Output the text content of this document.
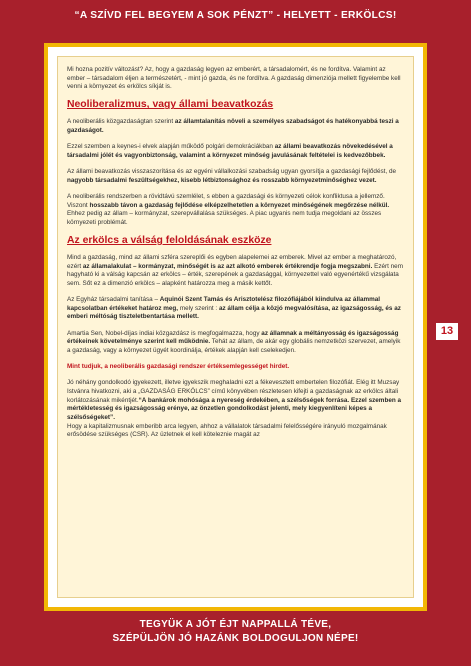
“A SZÍVD FEL BEGYEM A SOK PÉNZT” - HELYETT - ERKÖLCS!

Mi hozna pozitív változást? Az, hogy a gazdaság legyen az emberért, a társadalomért, és ne fordítva. Valamint az ember – társadalom éljen a természetért, - mint jó gazda, és ne fordítva. A gazdaság dimenziója mellett figyelembe kell venni a környezet és erkölcs síkját is.

Neoliberalizmus, vagy állami beavatkozás

A neoliberális közgazdaságtan szerint az államtalanítás növeli a személyes szabadságot és hatékonyabbá teszi a gazdaságot.

Ezzel szemben a keynes-i elvek alapján működő polgári demokráciákban az állami beavatkozás növekedésével a társadalmi jólét és vagyonbiztonság, valamint a környezet minőség javulásának feltételei is kedvezőbbek.

Az állami beavatkozás visszaszorítása és az egyéni vállalkozási szabadság ugyan gyorsítja a gazdasági fejlődést, de nagyobb társadalmi feszültségekhez, kisebb létbiztonsághoz és rosszabb környezetminőséghez vezet.

A neoliberális rendszerben a rövidtávú szemlélet, s ebben a gazdasági és környezeti célok konfliktusa a jellemző. Viszont hosszabb távon a gazdaság fejlődése elképzelhetetlen a környezet minőségének megőrzése nélkül. Ehhez pedig az állam – kormányzat, szerepvállalása szükséges. A piac ugyanis nem tudja megoldani az összes környezeti problémát.

Az erkölcs a válság feloldásának eszköze

Mind a gazdaság, mind az állami szféra szereplői és egyben alapelemei az emberek. Mivel az ember a meghatározó, ezért az államalakulat – kormányzat, minőségét is az azt alkotó emberek értékrendje fogja megszabni. Ezért nem hagyható ki a válság kapcsán az erkölcs – érték, szerepének a gazdasággal, környezettel való egyenértékű vizsgálata sem. Sőt ez a dimenzió erkölcs – alapként határozza meg a másik kettőt.

Az Egyház társadalmi tanítása – Aquinói Szent Tamás és Arisztotelész filozófiájából kiindulva az állammal kapcsolatban értékeket határoz meg, mely szerint : az állam célja a közjó megvalósítása, az igazságosság, és az emberi méltóság tiszteletbentartása mellett.

Amartia Sen, Nobel-díjas indiai közgazdász is megfogalmazza, hogy az államnak a méltányosság és igazságosság értékeinek követelménye szerint kell működnie. Tehát az állam, de akár egy globális nemzetközi szervezet, amelyik a gazdaság, vagy a környezet ügyét koordinálja, értékek alapján kell cselekedjen.

Mint tudjuk, a neoliberális gazdasági rendszer értéksemlegességet hirdet.

Jó néhány gondolkodó igyekezett, illetve igyekszik meghaladni ezt a fékevesztett embertelen filozófiát. Elég itt Muzsay Istvánra hivatkozni, aki a „GAZDASÁG ERKÖLCS” című könyvében részletesen kifejti a gazdaságnak az erkölcs általi korlátozásának mikéntjét.“A bankárok mohósága a nyereség érdekében, a szélsőségek forrása. Ezzel szemben a mértékletesség és igazságosság erénye, az önzetlen gondolkodást jelenti, mely kiegyenlíteni képes a szélsőségeket”.
Hogy a kapitalizmusnak emberibb arca legyen, ahhoz a vállalatok társadalmi felelősségére irányuló mozgalmának erősödése szükséges (CSR). Az üzletnek el kell köteleznie magát az

13
TEGYÜK A JÓT ÉJT NAPPALLÁ TÉVE,
SZÉPÜLJÖN JÓ HAZÁNK BOLDOGULJON NÉPE!
